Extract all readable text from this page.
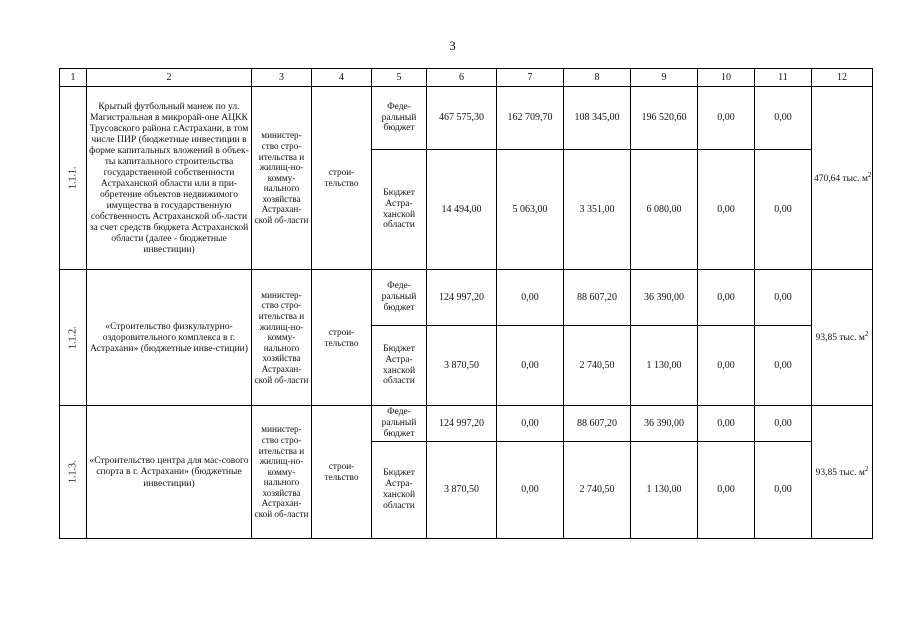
3
1	2	3	4	5	6	7	8	9	10	11	12
1.1.1.	Крытый футбольный манеж по ул. Магистральная в микрорай-оне АЦКК Трусовского района г.Астрахани, в том числе ПИР (бюджетные инвестиции в форме капитальных вложений в объек-ты капитального строительства государственной собственности Астраханской области или в при-обретение объектов недвижимого имущества в государственную собственность Астраханской об-ласти за счет средств бюджета Астраханской области (далее - бюджетные инвестиции)	министер-ство стро-ительства и жилищ-но-комму-нального хозяйства Астрахан-ской об-ласти	строи-тельство	Феде-ральный бюджет	467 575,30	162 709,70	108 345,00	196 520,60	0,00	0,00	470,64 тыс. $м^2$
				Бюджет Астра-ханской области	14 494,00	5 063,00	3 351,00	6 080,00	0,00	0,00	
1.1.2.	«Строительство физкультурно-оздоровительного комплекса в г. Астрахани» (бюджетные инве-стиции)	министер-ство стро-ительства и жилищ-но-комму-нального хозяйства Астрахан-ской об-ласти	строи-тельство	Феде-ральный бюджет	124 997,20	0,00	88 607,20	36 390,00	0,00	0,00	93,85 тыс. $м^2$
				Бюджет Астра-ханской области	3 870,50	0,00	2 740,50	1 130,00	0,00	0,00	
1.1.3.	«Строительство центра для мас-сового спорта в г. Астрахани» (бюджетные инвестиции)	министер-ство стро-ительства и жилищ-но-комму-нального хозяйства Астрахан-ской об-ласти	строи-тельство	Феде-ральный бюджет	124 997,20	0,00	88 607,20	36 390,00	0,00	0,00	93,85 тыс. $м^2$
				Бюджет Астра-ханской области	3 870,50	0,00	2 740,50	1 130,00	0,00	0,00	
